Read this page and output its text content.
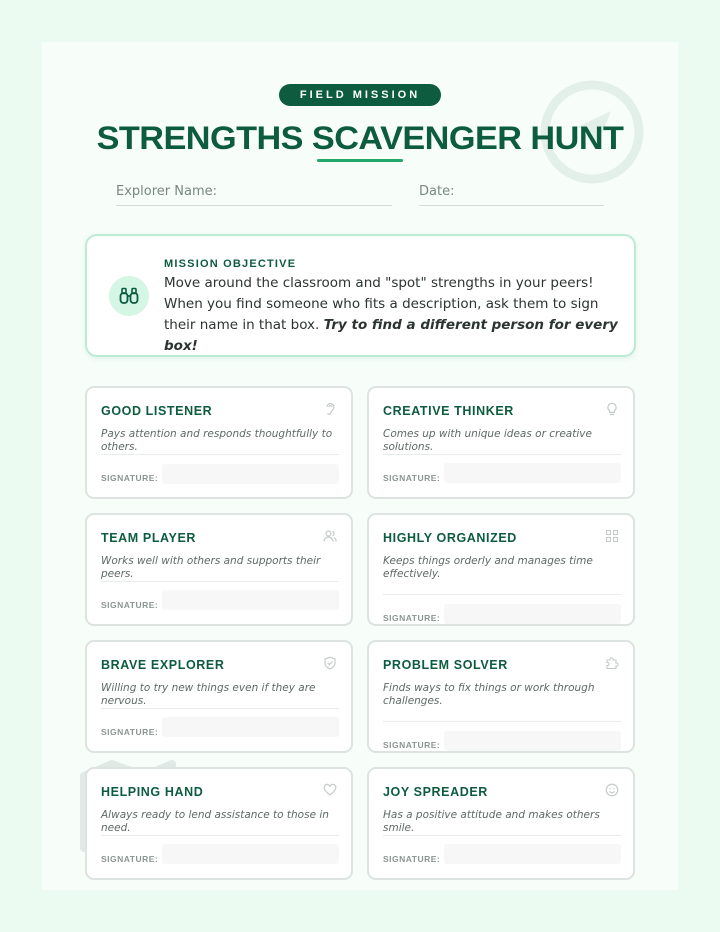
FIELD MISSION
STRENGTHS SCAVENGER HUNT
Explorer Name:	Date:
MISSION OBJECTIVE
Move around the classroom and "spot" strengths in your peers! When you find someone who fits a description, ask them to sign their name in that box. Try to find a different person for every box!
GOOD LISTENER
Pays attention and responds thoughtfully to others.
SIGNATURE:
CREATIVE THINKER
Comes up with unique ideas or creative solutions.
SIGNATURE:
TEAM PLAYER
Works well with others and supports their peers.
SIGNATURE:
HIGHLY ORGANIZED
Keeps things orderly and manages time effectively.
SIGNATURE:
BRAVE EXPLORER
Willing to try new things even if they are nervous.
SIGNATURE:
PROBLEM SOLVER
Finds ways to fix things or work through challenges.
SIGNATURE:
HELPING HAND
Always ready to lend assistance to those in need.
SIGNATURE:
JOY SPREADER
Has a positive attitude and makes others smile.
SIGNATURE:
